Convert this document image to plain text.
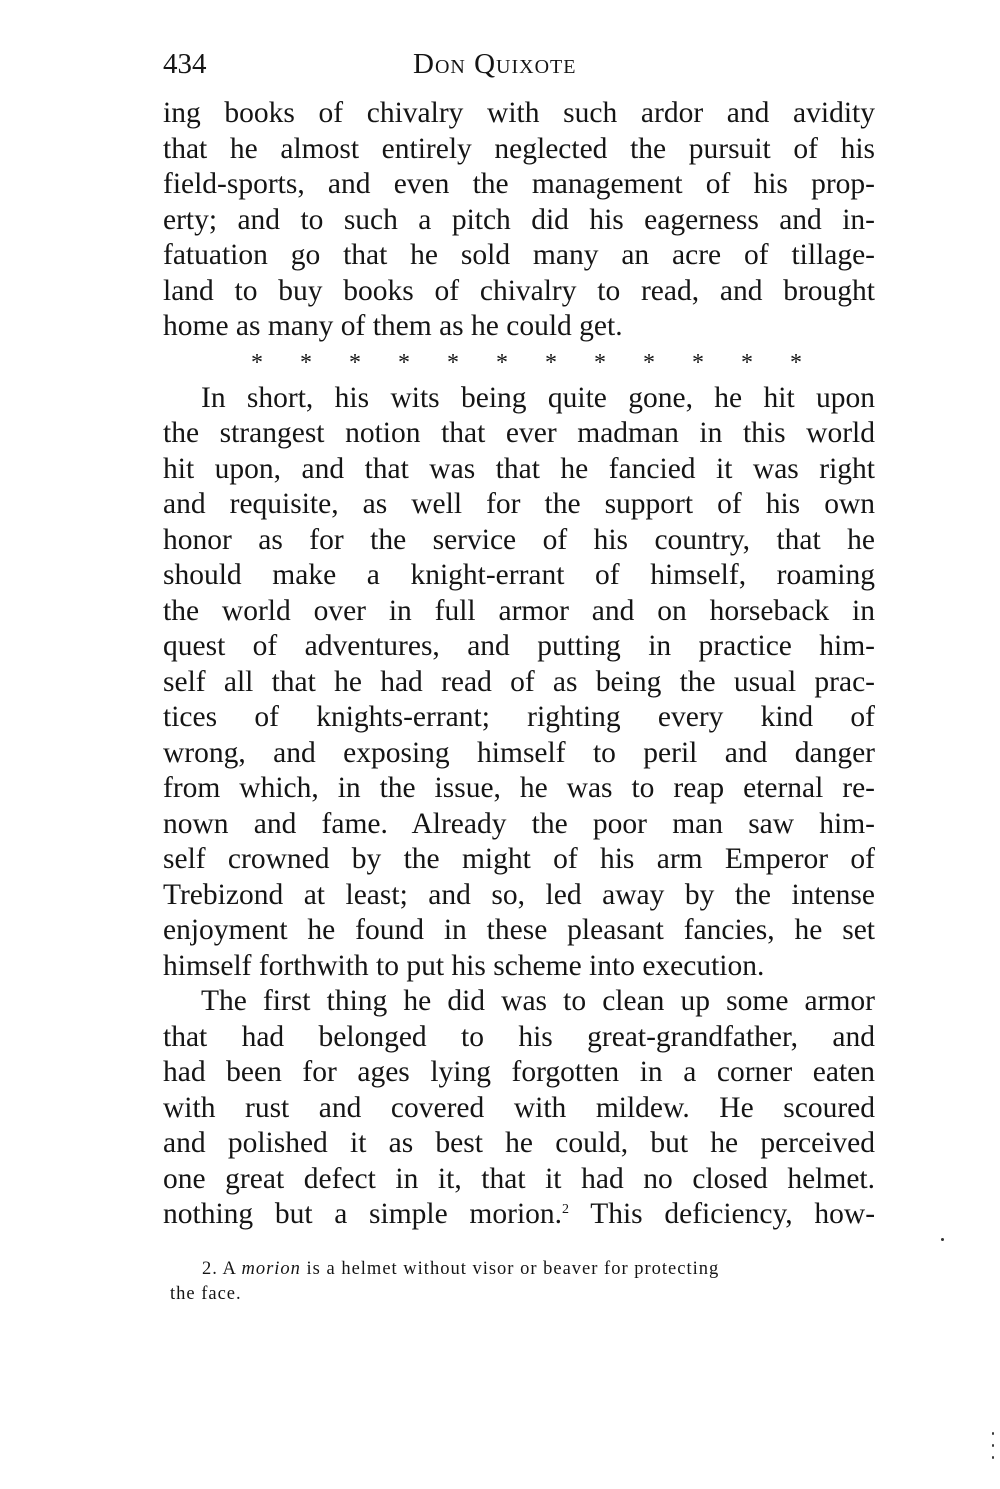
434	Don Quixote
ing books of chivalry with such ardor and avidity
that he almost entirely neglected the pursuit of his
field-sports, and even the management of his prop-
erty; and to such a pitch did his eagerness and in-
fatuation go that he sold many an acre of tillage-
land to buy books of chivalry to read, and brought
home as many of them as he could get.
* * * * * * * * * * * *
In short, his wits being quite gone, he hit upon
the strangest notion that ever madman in this world
hit upon, and that was that he fancied it was right
and requisite, as well for the support of his own
honor as for the service of his country, that he
should make a knight-errant of himself, roaming
the world over in full armor and on horseback in
quest of adventures, and putting in practice him-
self all that he had read of as being the usual prac-
tices of knights-errant; righting every kind of
wrong, and exposing himself to peril and danger
from which, in the issue, he was to reap eternal re-
nown and fame. Already the poor man saw him-
self crowned by the might of his arm Emperor of
Trebizond at least; and so, led away by the intense
enjoyment he found in these pleasant fancies, he set
himself forthwith to put his scheme into execution.
The first thing he did was to clean up some armor
that had belonged to his great-grandfather, and
had been for ages lying forgotten in a corner eaten
with rust and covered with mildew. He scoured
and polished it as best he could, but he perceived
one great defect in it, that it had no closed helmet.
nothing but a simple morion.$^2$ This deficiency, how-
2. A morion is a helmet without visor or beaver for protecting
the face.
